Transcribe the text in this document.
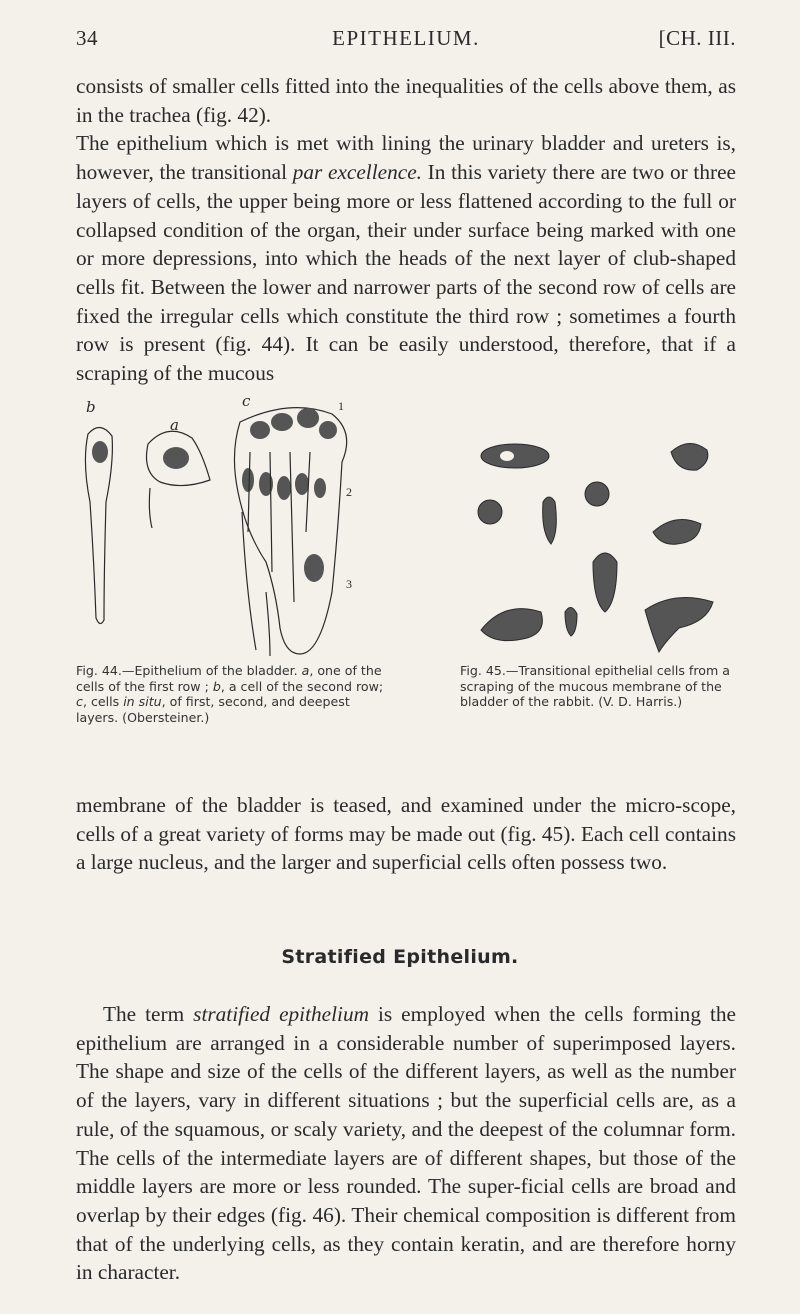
34	EPITHELIUM.	[CH. III.

consists of smaller cells fitted into the inequalities of the cells above them, as in the trachea (fig. 42).
The epithelium which is met with lining the urinary bladder and ureters is, however, the transitional par excellence. In this variety there are two or three layers of cells, the upper being more or less flattened according to the full or collapsed condition of the organ, their under surface being marked with one or more depressions, into which the heads of the next layer of club-shaped cells fit. Between the lower and narrower parts of the second row of cells are fixed the irregular cells which constitute the third row ; sometimes a fourth row is present (fig. 44). It can be easily understood, therefore, that if a scraping of the mucous

b
a
c	1
2
3
Fig. 44.—Epithelium of the bladder. a, one of the cells of the first row ; b, a cell of the second row; c, cells in situ, of first, second, and deepest layers. (Obersteiner.)
Fig. 45.—Transitional epithelial cells from a scraping of the mucous membrane of the bladder of the rabbit. (V. D. Harris.)

membrane of the bladder is teased, and examined under the micro-scope, cells of a great variety of forms may be made out (fig. 45). Each cell contains a large nucleus, and the larger and superficial cells often possess two.

Stratified Epithelium.

The term stratified epithelium is employed when the cells forming the epithelium are arranged in a considerable number of superimposed layers. The shape and size of the cells of the different layers, as well as the number of the layers, vary in different situations ; but the superficial cells are, as a rule, of the squamous, or scaly variety, and the deepest of the columnar form. The cells of the intermediate layers are of different shapes, but those of the middle layers are more or less rounded. The super-ficial cells are broad and overlap by their edges (fig. 46). Their chemical composition is different from that of the underlying cells, as they contain keratin, and are therefore horny in character.
